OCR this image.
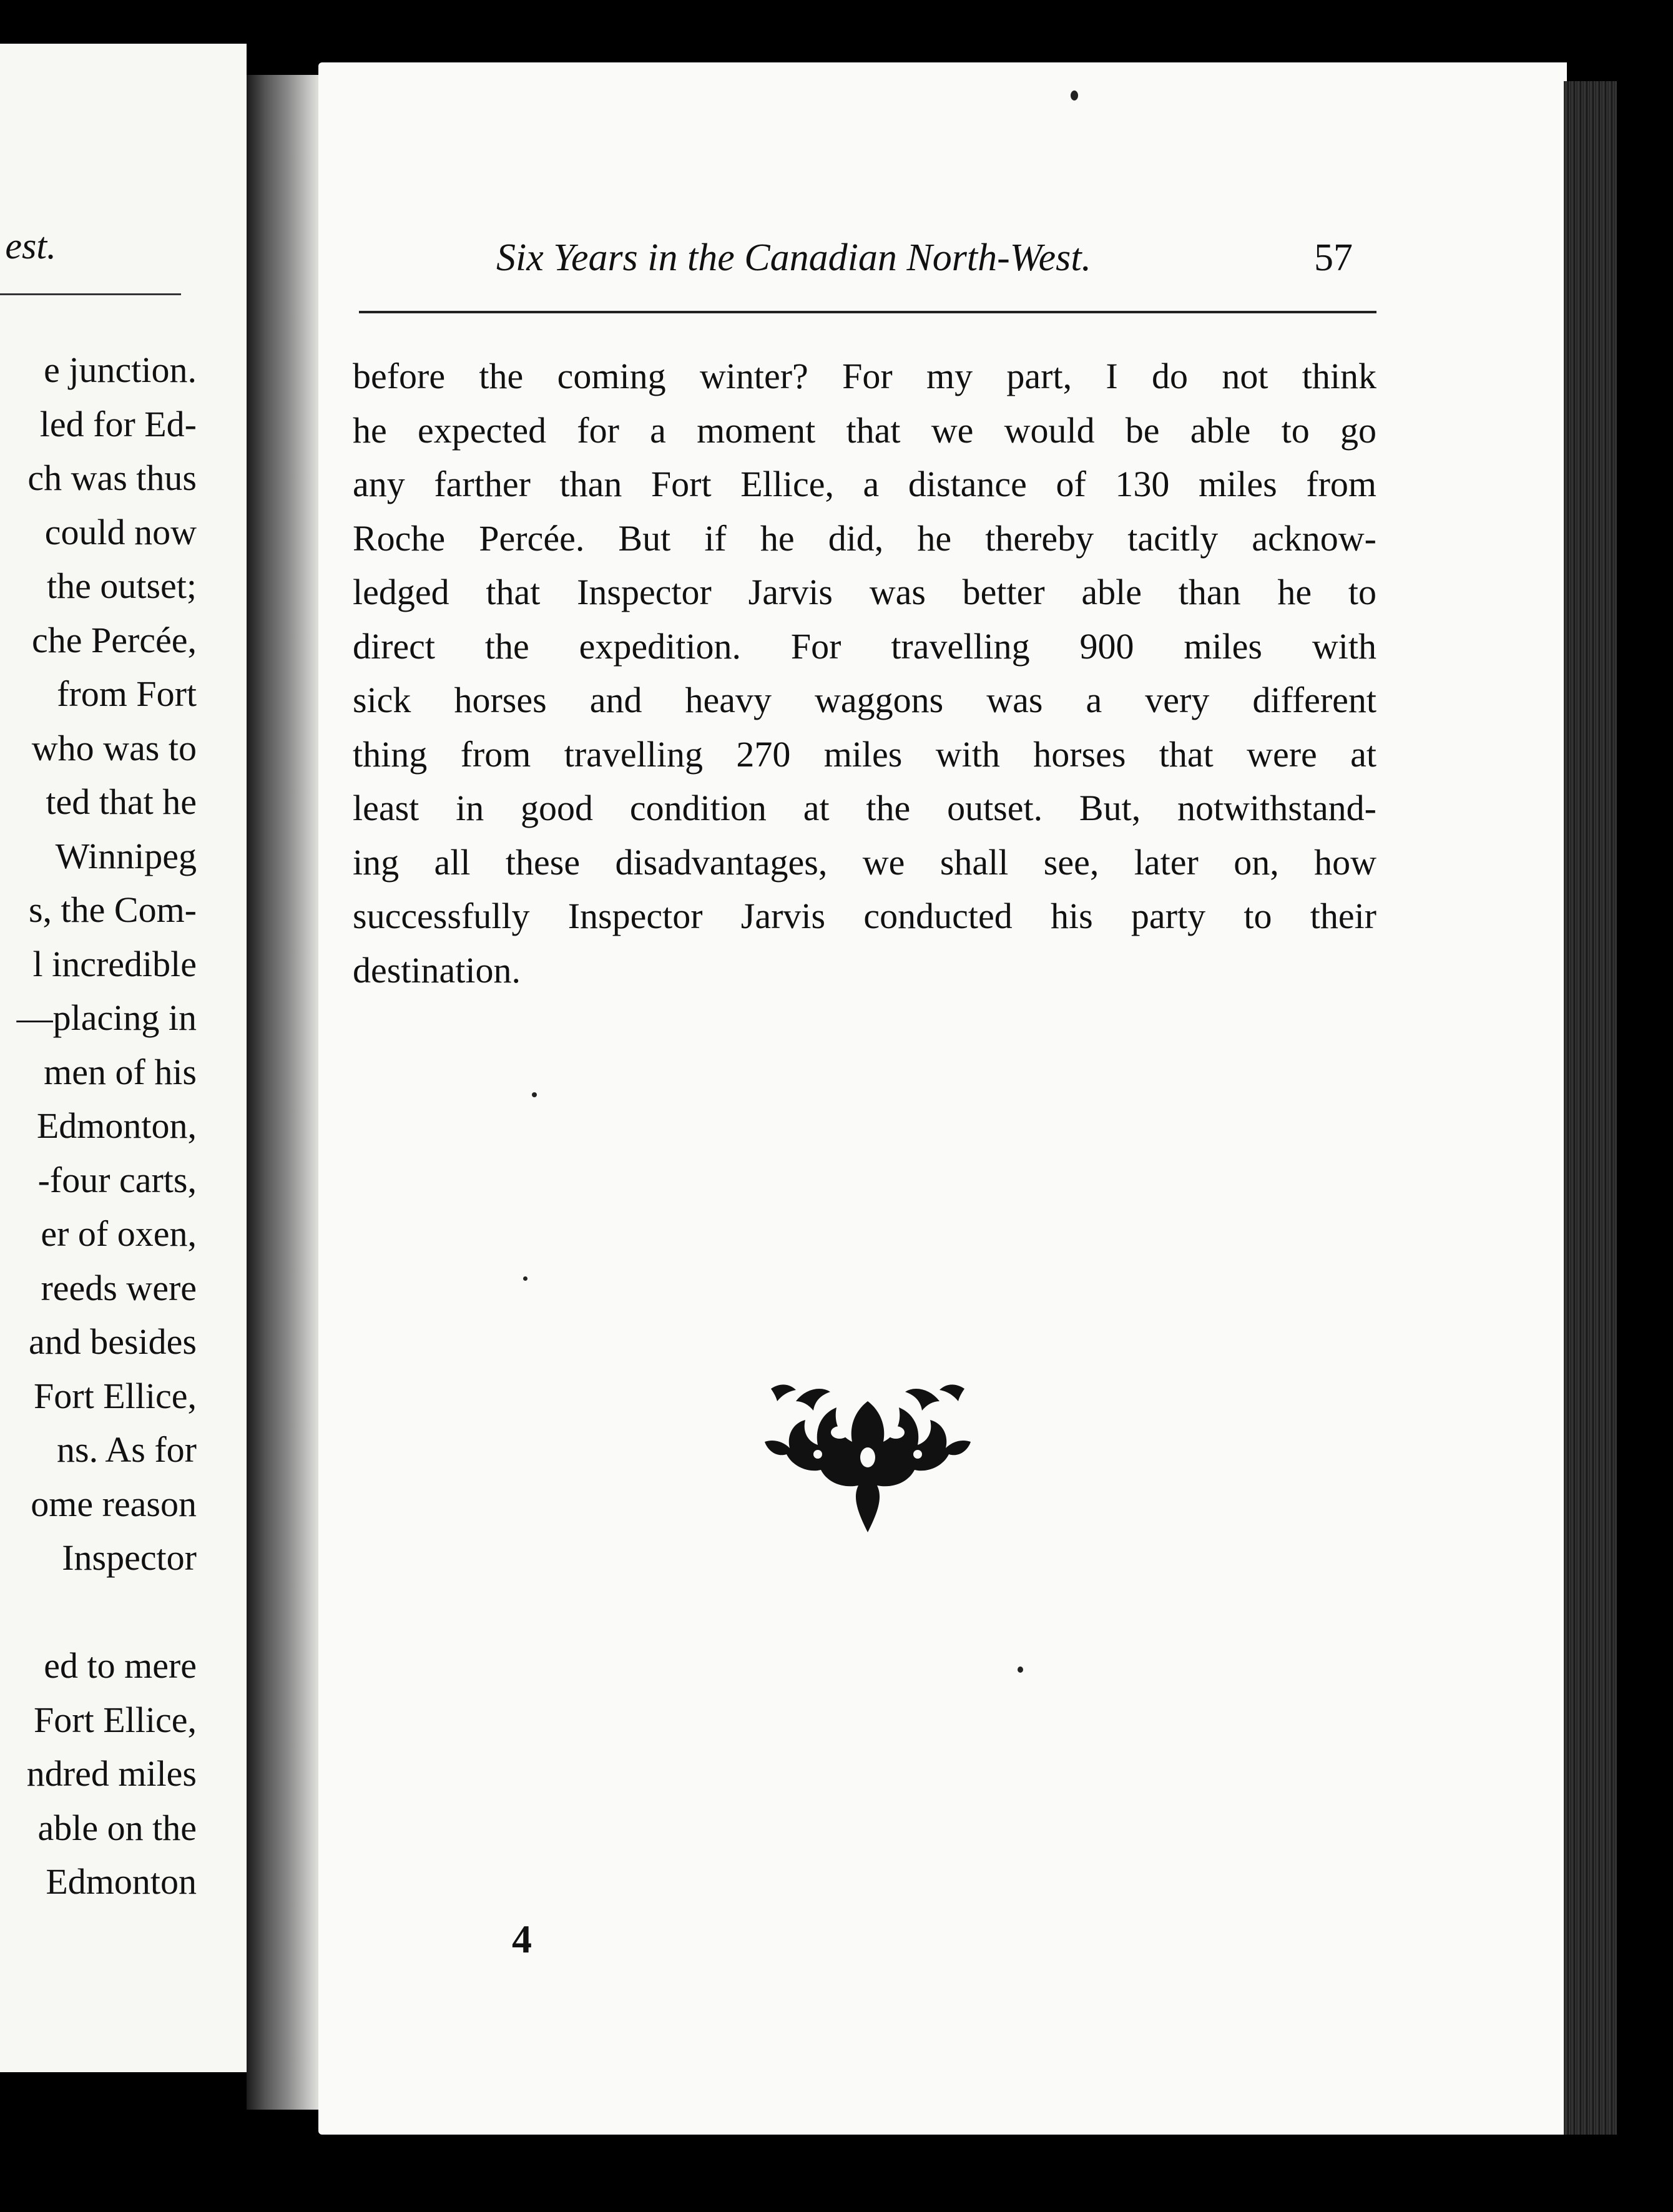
est.
e junction.
led for Ed-
ch was thus
could now
the outset;
che Percée,
from Fort
who was to
ted that he
Winnipeg
s, the Com-
l incredible
—placing in
men of his
Edmonton,
-four carts,
er of oxen,
reeds were
and besides
Fort Ellice,
ns. As for
ome reason
Inspector
ed to mere
Fort Ellice,
ndred miles
able on the
Edmonton
Six Years in the Canadian North-West.	57
before the coming winter? For my part, I do not think
he expected for a moment that we would be able to go
any farther than Fort Ellice, a distance of 130 miles from
Roche Percée. But if he did, he thereby tacitly acknow-
ledged that Inspector Jarvis was better able than he to
direct the expedition. For travelling 900 miles with
sick horses and heavy waggons was a very different
thing from travelling 270 miles with horses that were at
least in good condition at the outset. But, notwithstand-
ing all these disadvantages, we shall see, later on, how
successfully Inspector Jarvis conducted his party to their
destination.
4
